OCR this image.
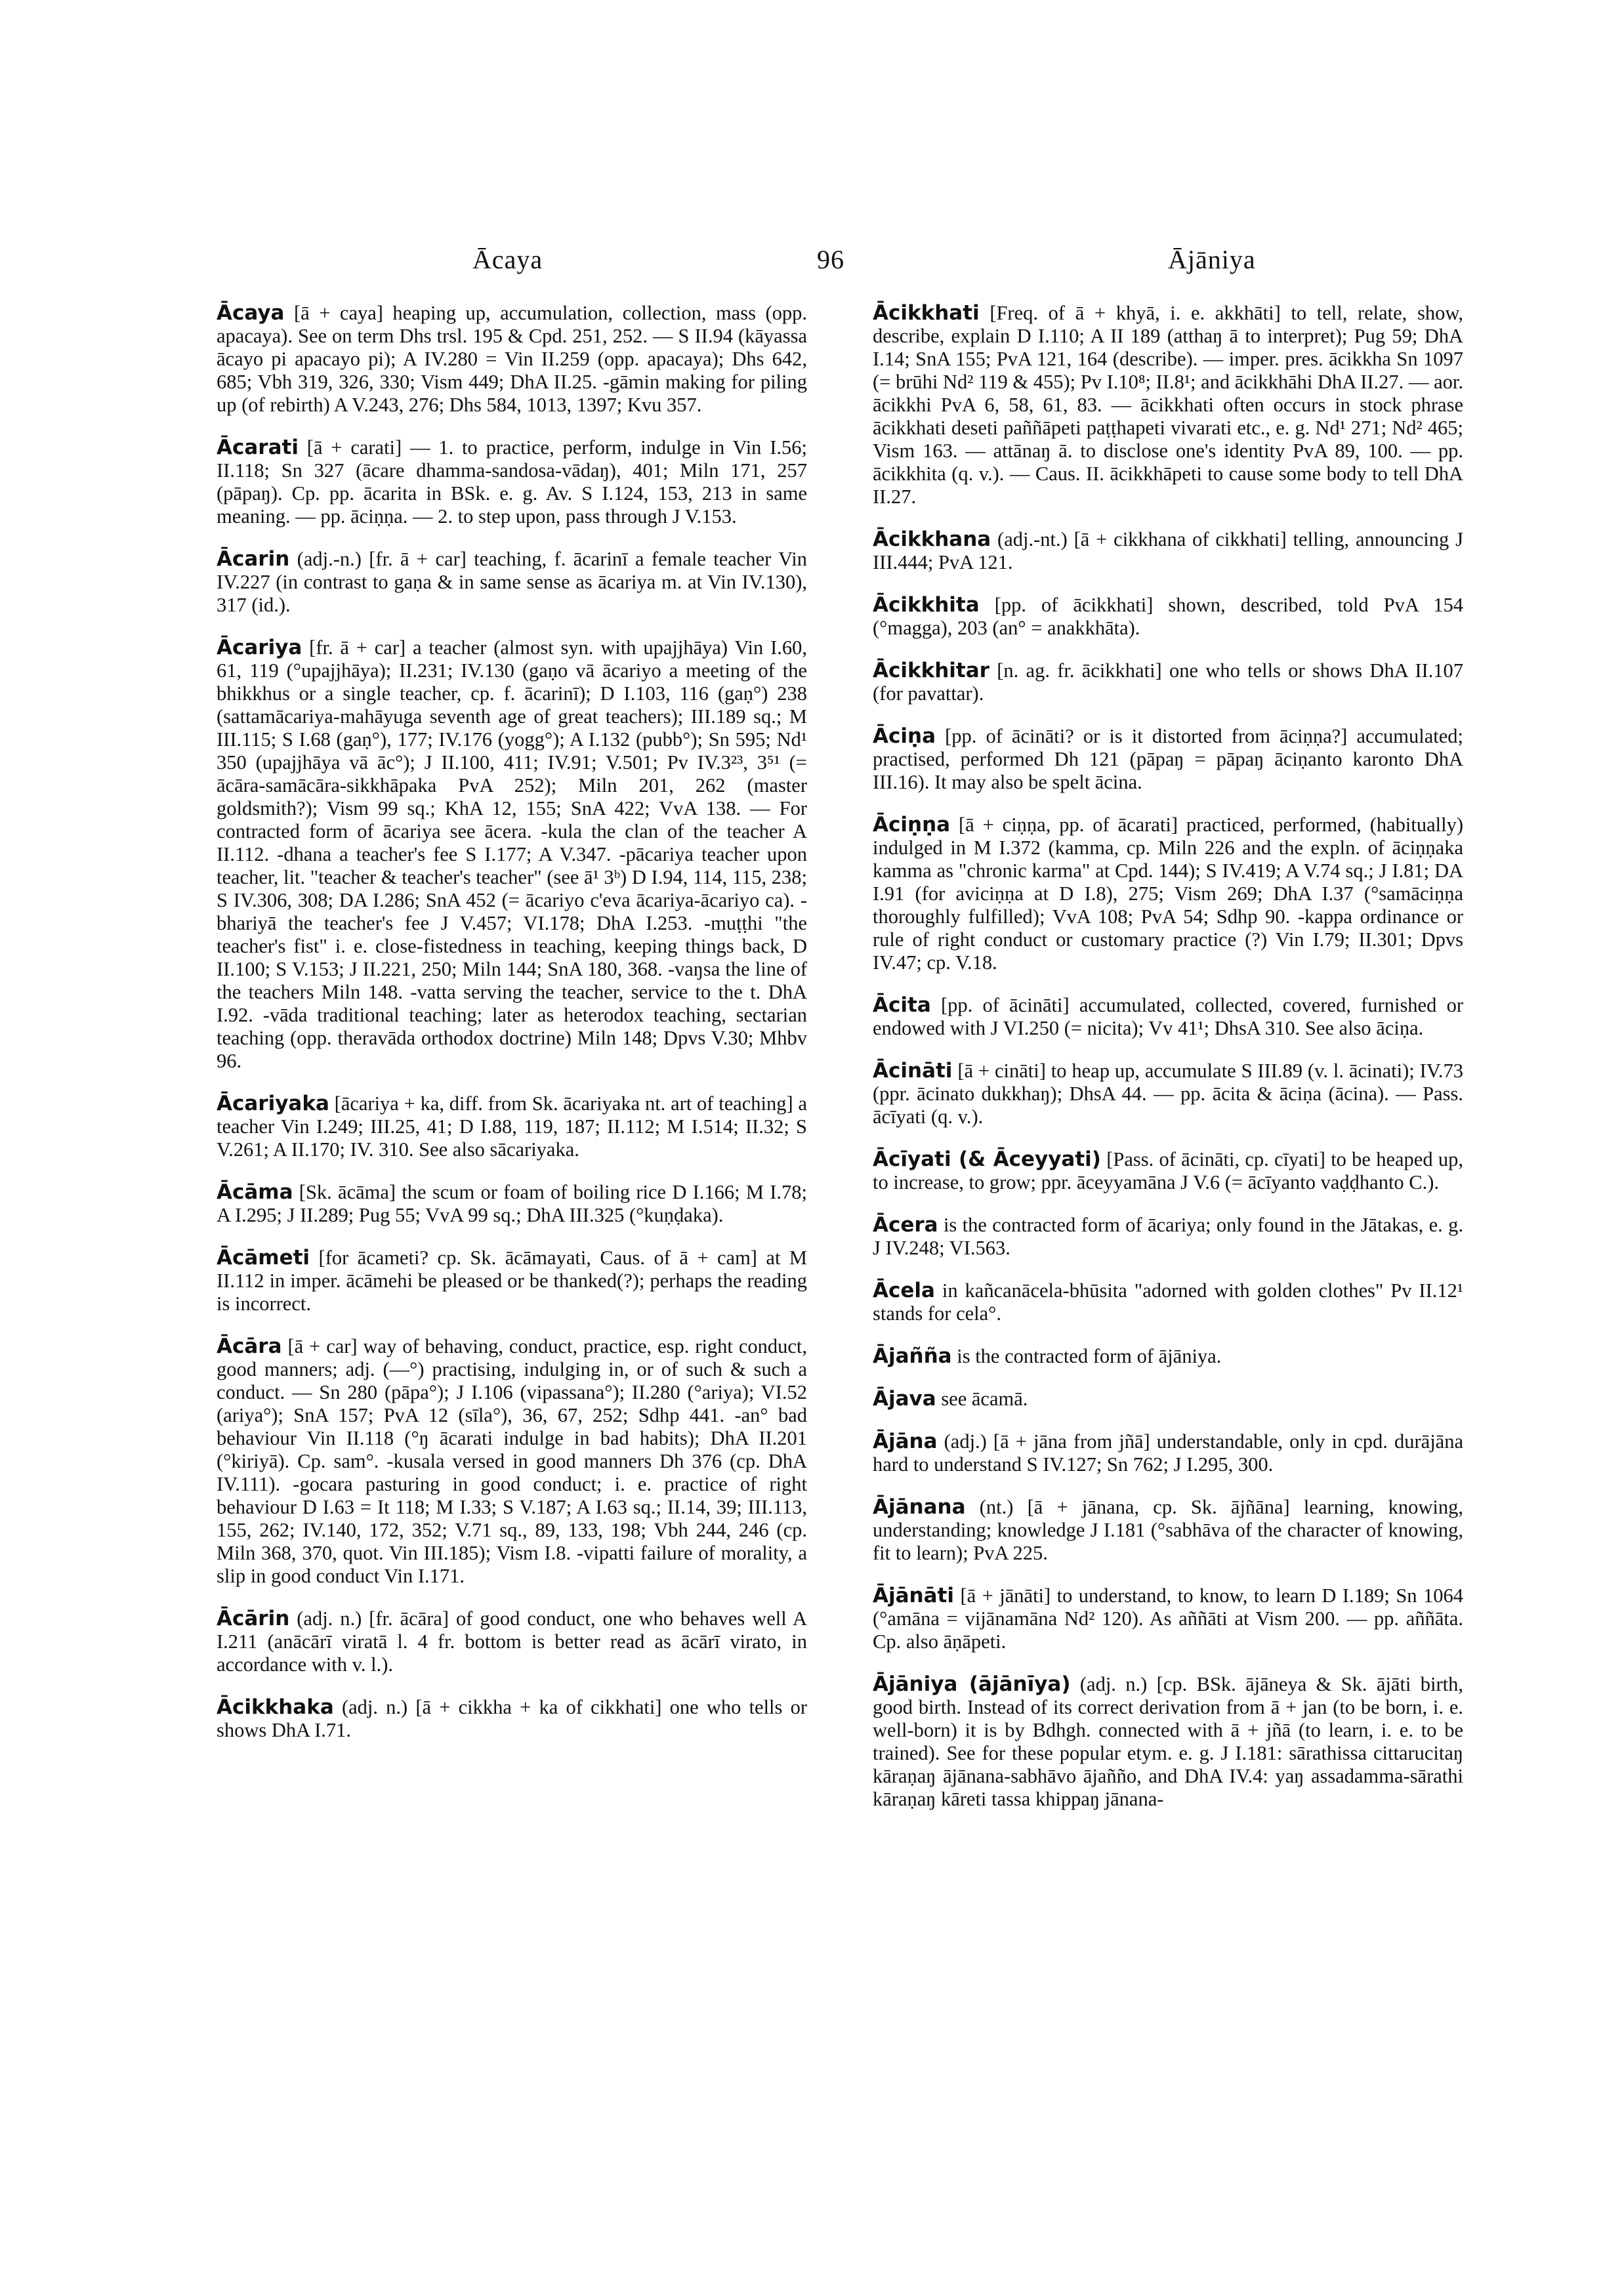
Ācaya	96	Ājāniya

Ācaya [ā + caya] heaping up, accumulation, collection, mass (opp. apacaya). See on term Dhs trsl. 195 & Cpd. 251, 252. — S II.94 (kāyassa ācayo pi apacayo pi); A IV.280 = Vin II.259 (opp. apacaya); Dhs 642, 685; Vbh 319, 326, 330; Vism 449; DhA II.25. -gāmin making for piling up (of rebirth) A V.243, 276; Dhs 584, 1013, 1397; Kvu 357.

Ācarati [ā + carati] — 1. to practice, perform, indulge in Vin I.56; II.118; Sn 327 (ācare dhamma-sandosa-vādaŋ), 401; Miln 171, 257 (pāpaŋ). Cp. pp. ācarita in BSk. e. g. Av. S I.124, 153, 213 in same meaning. — pp. āciṇṇa. — 2. to step upon, pass through J V.153.

Ācarin (adj.-n.) [fr. ā + car] teaching, f. ācarinī a female teacher Vin IV.227 (in contrast to gaṇa & in same sense as ācariya m. at Vin IV.130), 317 (id.).

Ācariya [fr. ā + car] a teacher (almost syn. with upajjhāya) Vin I.60, 61, 119 (°upajjhāya); II.231; IV.130 (gaṇo vā ācariyo a meeting of the bhikkhus or a single teacher, cp. f. ācarinī); D I.103, 116 (gaṇ°) 238 (sattamācariya-mahāyuga seventh age of great teachers); III.189 sq.; M III.115; S I.68 (gaṇ°), 177; IV.176 (yogg°); A I.132 (pubb°); Sn 595; Nd¹ 350 (upajjhāya vā āc°); J II.100, 411; IV.91; V.501; Pv IV.3²³, 3⁵¹ (= ācāra-samācāra-sikkhāpaka PvA 252); Miln 201, 262 (master goldsmith?); Vism 99 sq.; KhA 12, 155; SnA 422; VvA 138. — For contracted form of ācariya see ācera. -kula the clan of the teacher A II.112. -dhana a teacher's fee S I.177; A V.347. -pācariya teacher upon teacher, lit. "teacher & teacher's teacher" (see ā¹ 3ᵇ) D I.94, 114, 115, 238; S IV.306, 308; DA I.286; SnA 452 (= ācariyo c'eva ācariya-ācariyo ca). -bhariyā the teacher's fee J V.457; VI.178; DhA I.253. -muṭṭhi "the teacher's fist" i. e. close-fistedness in teaching, keeping things back, D II.100; S V.153; J II.221, 250; Miln 144; SnA 180, 368. -vaŋsa the line of the teachers Miln 148. -vatta serving the teacher, service to the t. DhA I.92. -vāda traditional teaching; later as heterodox teaching, sectarian teaching (opp. theravāda orthodox doctrine) Miln 148; Dpvs V.30; Mhbv 96.

Ācariyaka [ācariya + ka, diff. from Sk. ācariyaka nt. art of teaching] a teacher Vin I.249; III.25, 41; D I.88, 119, 187; II.112; M I.514; II.32; S V.261; A II.170; IV. 310. See also sācariyaka.

Ācāma [Sk. ācāma] the scum or foam of boiling rice D I.166; M I.78; A I.295; J II.289; Pug 55; VvA 99 sq.; DhA III.325 (°kuṇḍaka).

Ācāmeti [for ācameti? cp. Sk. ācāmayati, Caus. of ā + cam] at M II.112 in imper. ācāmehi be pleased or be thanked(?); perhaps the reading is incorrect.

Ācāra [ā + car] way of behaving, conduct, practice, esp. right conduct, good manners; adj. (—°) practising, indulging in, or of such & such a conduct. — Sn 280 (pāpa°); J I.106 (vipassana°); II.280 (°ariya); VI.52 (ariya°); SnA 157; PvA 12 (sīla°), 36, 67, 252; Sdhp 441. -an° bad behaviour Vin II.118 (°ŋ ācarati indulge in bad habits); DhA II.201 (°kiriyā). Cp. sam°. -kusala versed in good manners Dh 376 (cp. DhA IV.111). -gocara pasturing in good conduct; i. e. practice of right behaviour D I.63 = It 118; M I.33; S V.187; A I.63 sq.; II.14, 39; III.113, 155, 262; IV.140, 172, 352; V.71 sq., 89, 133, 198; Vbh 244, 246 (cp. Miln 368, 370, quot. Vin III.185); Vism I.8. -vipatti failure of morality, a slip in good conduct Vin I.171.

Ācārin (adj. n.) [fr. ācāra] of good conduct, one who behaves well A I.211 (anācārī viratā l. 4 fr. bottom is better read as ācārī virato, in accordance with v. l.).

Ācikkhaka (adj. n.) [ā + cikkha + ka of cikkhati] one who tells or shows DhA I.71.

Ācikkhati [Freq. of ā + khyā, i. e. akkhāti] to tell, relate, show, describe, explain D I.110; A II 189 (atthaŋ ā to interpret); Pug 59; DhA I.14; SnA 155; PvA 121, 164 (describe). — imper. pres. ācikkha Sn 1097 (= brūhi Nd² 119 & 455); Pv I.10⁸; II.8¹; and ācikkhāhi DhA II.27. — aor. ācikkhi PvA 6, 58, 61, 83. — ācikkhati often occurs in stock phrase ācikkhati deseti paññāpeti paṭṭhapeti vivarati etc., e. g. Nd¹ 271; Nd² 465; Vism 163. — attānaŋ ā. to disclose one's identity PvA 89, 100. — pp. ācikkhita (q. v.). — Caus. II. ācikkhāpeti to cause some body to tell DhA II.27.

Ācikkhana (adj.-nt.) [ā + cikkhana of cikkhati] telling, announcing J III.444; PvA 121.

Ācikkhita [pp. of ācikkhati] shown, described, told PvA 154 (°magga), 203 (an° = anakkhāta).

Ācikkhitar [n. ag. fr. ācikkhati] one who tells or shows DhA II.107 (for pavattar).

Āciṇa [pp. of ācināti? or is it distorted from āciṇṇa?] accumulated; practised, performed Dh 121 (pāpaŋ = pāpaŋ āciṇanto karonto DhA III.16). It may also be spelt ācina.

Āciṇṇa [ā + ciṇṇa, pp. of ācarati] practiced, performed, (habitually) indulged in M I.372 (kamma, cp. Miln 226 and the expln. of āciṇṇaka kamma as "chronic karma" at Cpd. 144); S IV.419; A V.74 sq.; J I.81; DA I.91 (for aviciṇṇa at D I.8), 275; Vism 269; DhA I.37 (°samāciṇṇa thoroughly fulfilled); VvA 108; PvA 54; Sdhp 90. -kappa ordinance or rule of right conduct or customary practice (?) Vin I.79; II.301; Dpvs IV.47; cp. V.18.

Ācita [pp. of ācināti] accumulated, collected, covered, furnished or endowed with J VI.250 (= nicita); Vv 41¹; DhsA 310. See also āciṇa.

Ācināti [ā + cināti] to heap up, accumulate S III.89 (v. l. ācinati); IV.73 (ppr. ācinato dukkhaŋ); DhsA 44. — pp. ācita & āciṇa (ācina). — Pass. ācīyati (q. v.).

Ācīyati (& Āceyyati) [Pass. of ācināti, cp. cīyati] to be heaped up, to increase, to grow; ppr. āceyyamāna J V.6 (= ācīyanto vaḍḍhanto C.).

Ācera is the contracted form of ācariya; only found in the Jātakas, e. g. J IV.248; VI.563.

Ācela in kañcanācela-bhūsita "adorned with golden clothes" Pv II.12¹ stands for cela°.

Ājañña is the contracted form of ājāniya.

Ājava see ācamā.

Ājāna (adj.) [ā + jāna from jñā] understandable, only in cpd. durājāna hard to understand S IV.127; Sn 762; J I.295, 300.

Ājānana (nt.) [ā + jānana, cp. Sk. ājñāna] learning, knowing, understanding; knowledge J I.181 (°sabhāva of the character of knowing, fit to learn); PvA 225.

Ājānāti [ā + jānāti] to understand, to know, to learn D I.189; Sn 1064 (°amāna = vijānamāna Nd² 120). As aññāti at Vism 200. — pp. aññāta. Cp. also āṇāpeti.

Ājāniya (ājānīya) (adj. n.) [cp. BSk. ājāneya & Sk. ājāti birth, good birth. Instead of its correct derivation from ā + jan (to be born, i. e. well-born) it is by Bdhgh. connected with ā + jñā (to learn, i. e. to be trained). See for these popular etym. e. g. J I.181: sārathissa cittarucitaŋ kāraṇaŋ ājānana-sabhāvo ājañño, and DhA IV.4: yaŋ assadamma-sārathi kāraṇaŋ kāreti tassa khippaŋ jānana-
